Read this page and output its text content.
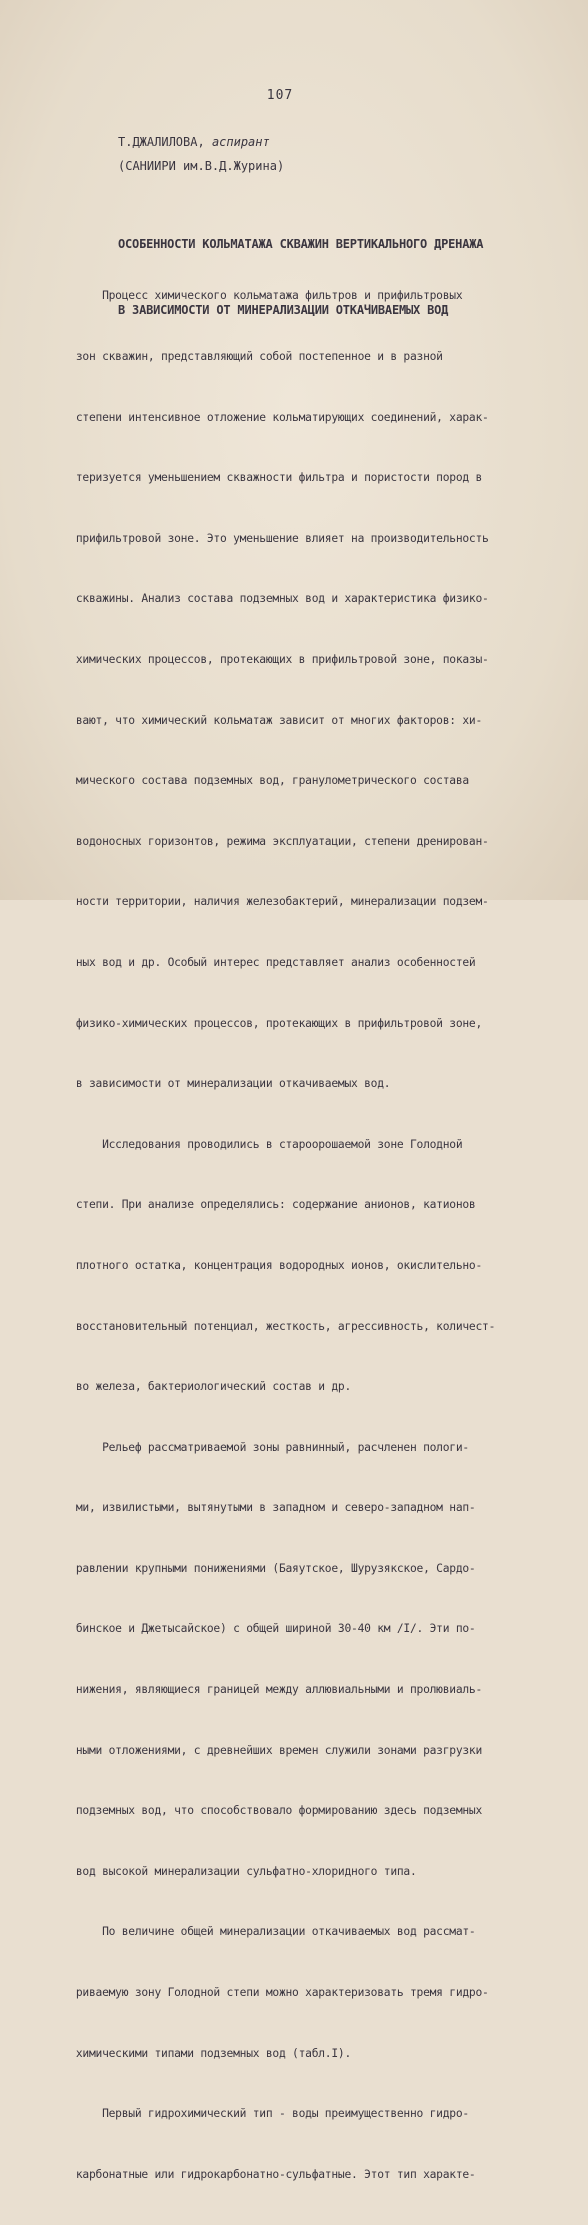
107
Т.ДЖАЛИЛОВА, аспирант
(САНИИРИ им.В.Д.Журина)

ОСОБЕННОСТИ КОЛЬМАТАЖА СКВАЖИН ВЕРТИКАЛЬНОГО ДРЕНАЖА

В ЗАВИСИМОСТИ ОТ МИНЕРАЛИЗАЦИИ ОТКАЧИВАЕМЫХ ВОД

Процесс химического кольматажа фильтров и прифильтровых

зон скважин, представляющий собой постепенное и в разной

степени интенсивное отложение кольматирующих соединений, харак-

теризуется уменьшением скважности фильтра и пористости пород в

прифильтровой зоне. Это уменьшение влияет на производительность

скважины. Анализ состава подземных вод и характеристика физико-

химических процессов, протекающих в прифильтровой зоне, показы-

вают, что химический кольматаж зависит от многих факторов: хи-

мического состава подземных вод, гранулометрического состава

водоносных горизонтов, режима эксплуатации, степени дренирован-

ности территории, наличия железобактерий, минерализации подзем-

ных вод и др. Особый интерес представляет анализ особенностей

физико-химических процессов, протекающих в прифильтровой зоне,

в зависимости от минерализации откачиваемых вод.

Исследования проводились в староорошаемой зоне Голодной

степи. При анализе определялись: содержание анионов, катионов

плотного остатка, концентрация водородных ионов, окислительно-

восстановительный потенциал, жесткость, агрессивность, количест-

во железа, бактериологический состав и др.

Рельеф рассматриваемой зоны равнинный, расчленен пологи-

ми, извилистыми, вытянутыми в западном и северо-западном нап-

равлении крупными понижениями (Баяутское, Шурузякское, Сардо-

бинское и Джетысайское) с общей шириной 30-40 км /I/. Эти по-

нижения, являющиеся границей между аллювиальными и пролювиаль-

ными отложениями, с древнейших времен служили зонами разгрузки

подземных вод, что способствовало формированию здесь подземных

вод высокой минерализации сульфатно-хлоридного типа.

По величине общей минерализации откачиваемых вод рассмат-

риваемую зону Голодной степи можно характеризовать тремя гидро-

химическими типами подземных вод (табл.I).

Первый гидрохимический тип - воды преимущественно гидро-

карбонатные или гидрокарбонатно-сульфатные. Этот тип характе-
